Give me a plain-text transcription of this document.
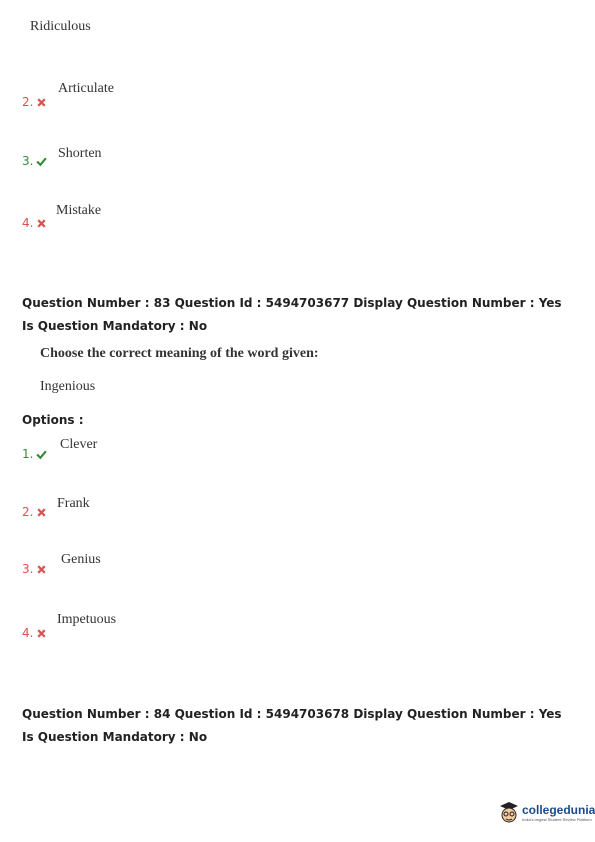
Ridiculous
2.
Articulate
3. Shorten
4.
Mistake
Question Number : 83 Question Id : 5494703677 Display Question Number : Yes Is Question Mandatory : No
Choose the correct meaning of the word given:
Ingenious
Options :
1.
Clever
2.
Frank
3.
Genius
4.
Impetuous
Question Number : 84 Question Id : 5494703678 Display Question Number : Yes Is Question Mandatory : No
collegedunia
India's largest Student Review Platform
